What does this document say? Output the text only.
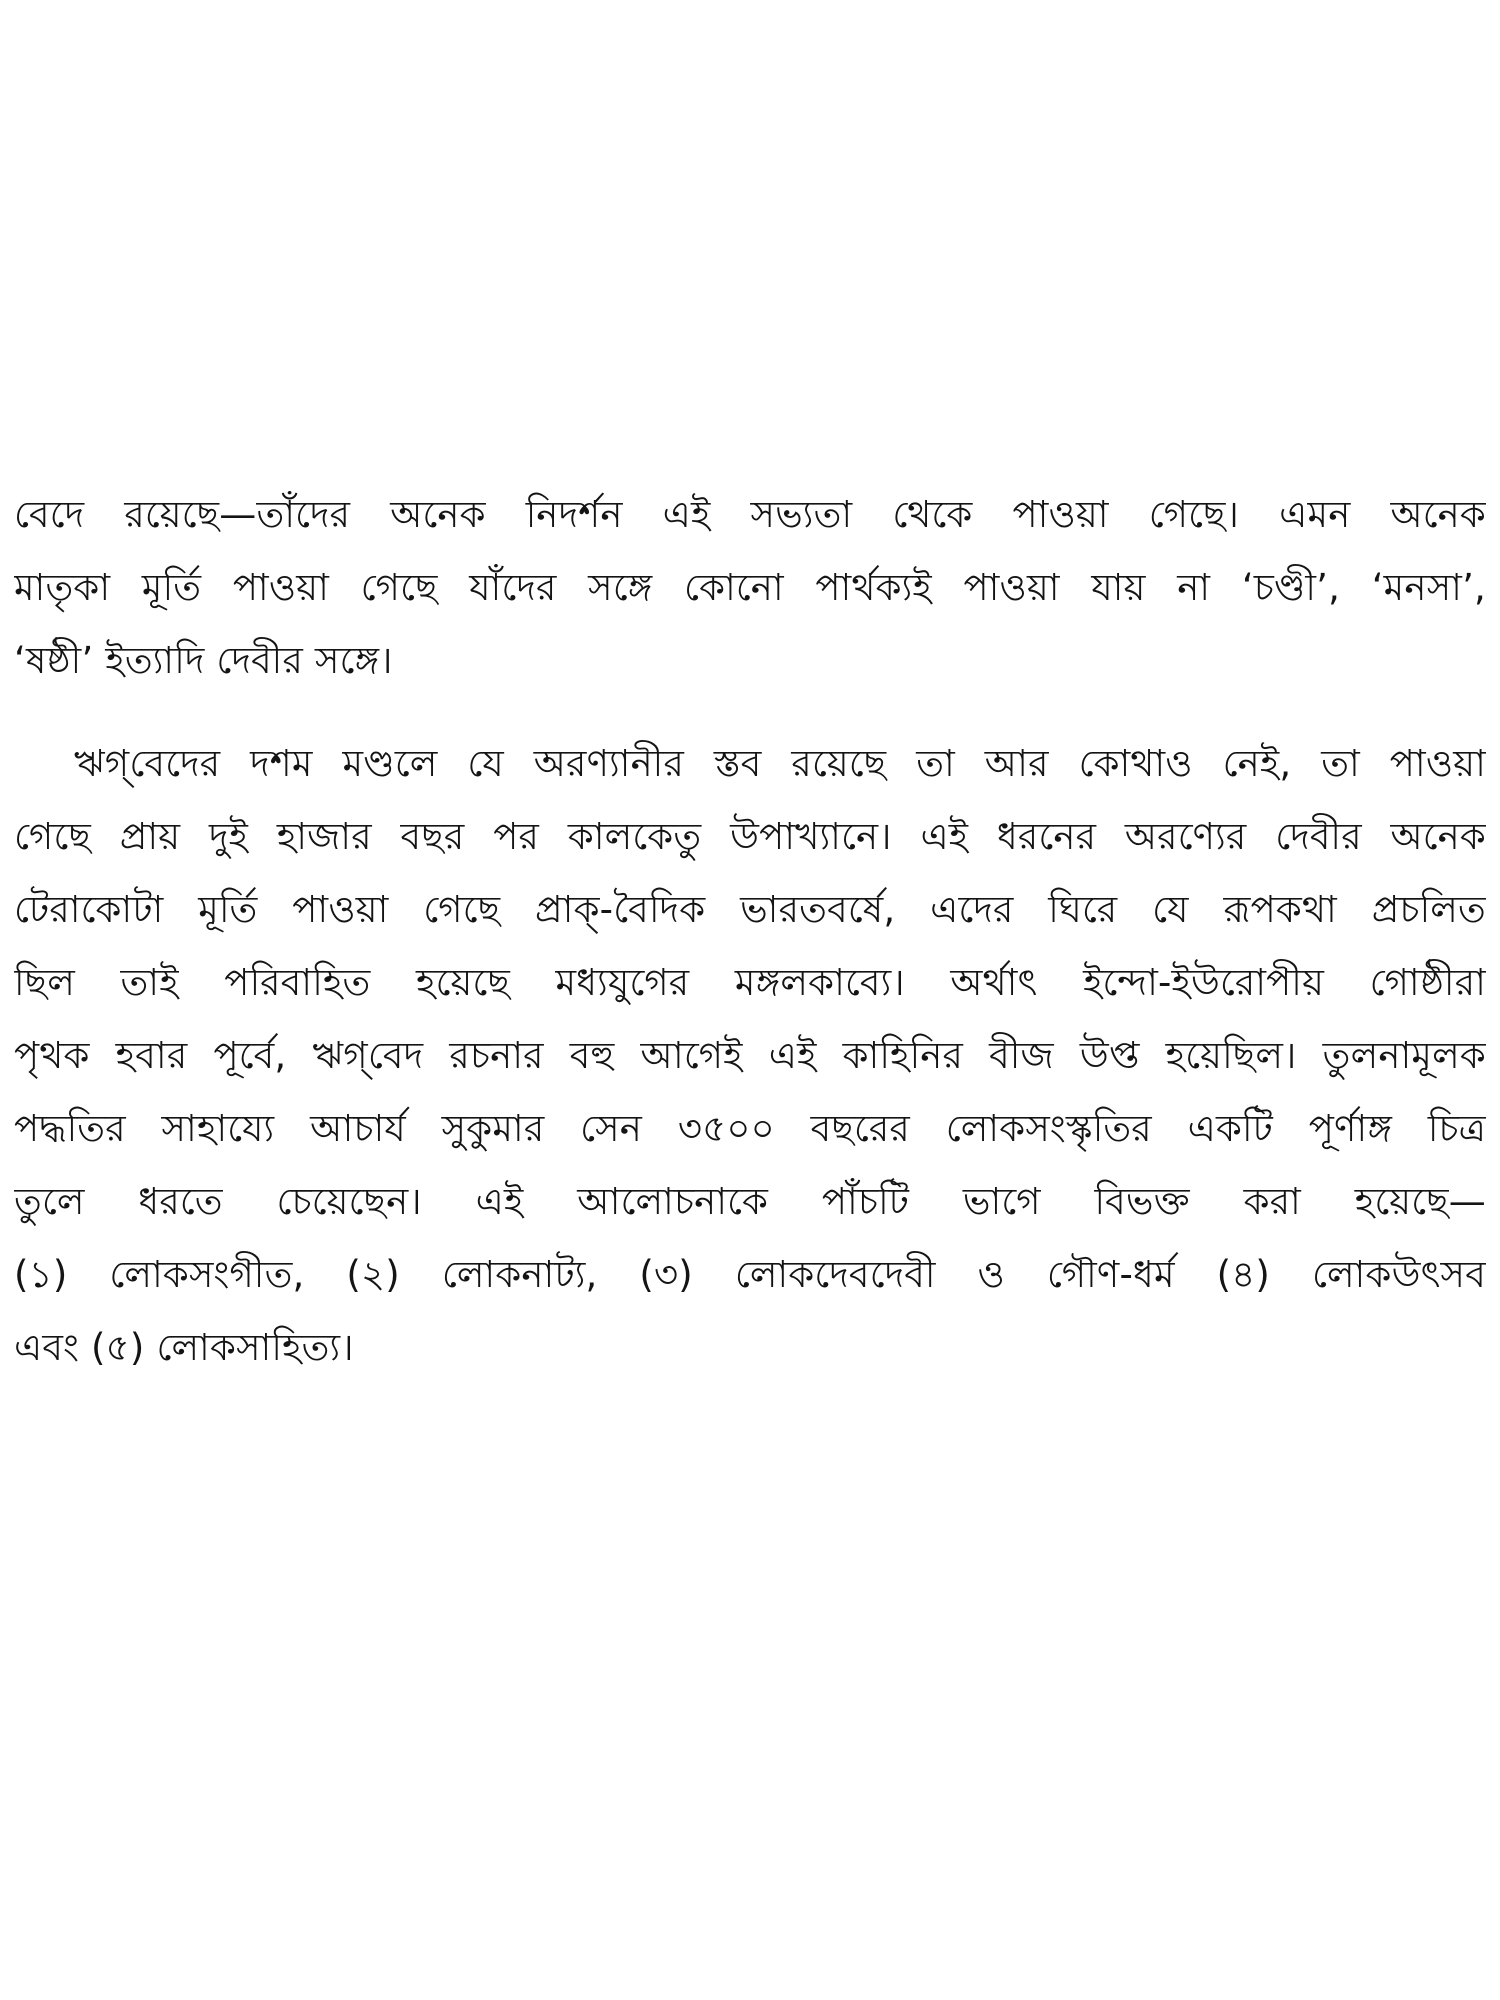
বেদে রয়েছে—তাঁদের অনেক নিদর্শন এই সভ্যতা থেকে পাওয়া গেছে। এমন অনেক
মাতৃকা মূর্তি পাওয়া গেছে যাঁদের সঙ্গে কোনো পার্থক্যই পাওয়া যায় না ‘চণ্ডী’, ‘মনসা’,
‘ষষ্ঠী’ ইত্যাদি দেবীর সঙ্গে।
ঋগ্‌বেদের দশম মণ্ডলে যে অরণ্যানীর স্তব রয়েছে তা আর কোথাও নেই, তা পাওয়া
গেছে প্রায় দুই হাজার বছর পর কালকেতু উপাখ্যানে। এই ধরনের অরণ্যের দেবীর অনেক
টেরাকোটা মূর্তি পাওয়া গেছে প্রাক্-বৈদিক ভারতবর্ষে, এদের ঘিরে যে রূপকথা প্রচলিত
ছিল তাই পরিবাহিত হয়েছে মধ্যযুগের মঙ্গলকাব্যে। অর্থাৎ ইন্দো-ইউরোপীয় গোষ্ঠীরা
পৃথক হবার পূর্বে, ঋগ্‌বেদ রচনার বহু আগেই এই কাহিনির বীজ উপ্ত হয়েছিল। তুলনামূলক
পদ্ধতির সাহায্যে আচার্য সুকুমার সেন ৩৫০০ বছরের লোকসংস্কৃতির একটি পূর্ণাঙ্গ চিত্র
তুলে ধরতে চেয়েছেন। এই আলোচনাকে পাঁচটি ভাগে বিভক্ত করা হয়েছে—
(১) লোকসংগীত, (২) লোকনাট্য, (৩) লোকদেবদেবী ও গৌণ-ধর্ম (৪) লোকউৎসব
এবং (৫) লোকসাহিত্য।
